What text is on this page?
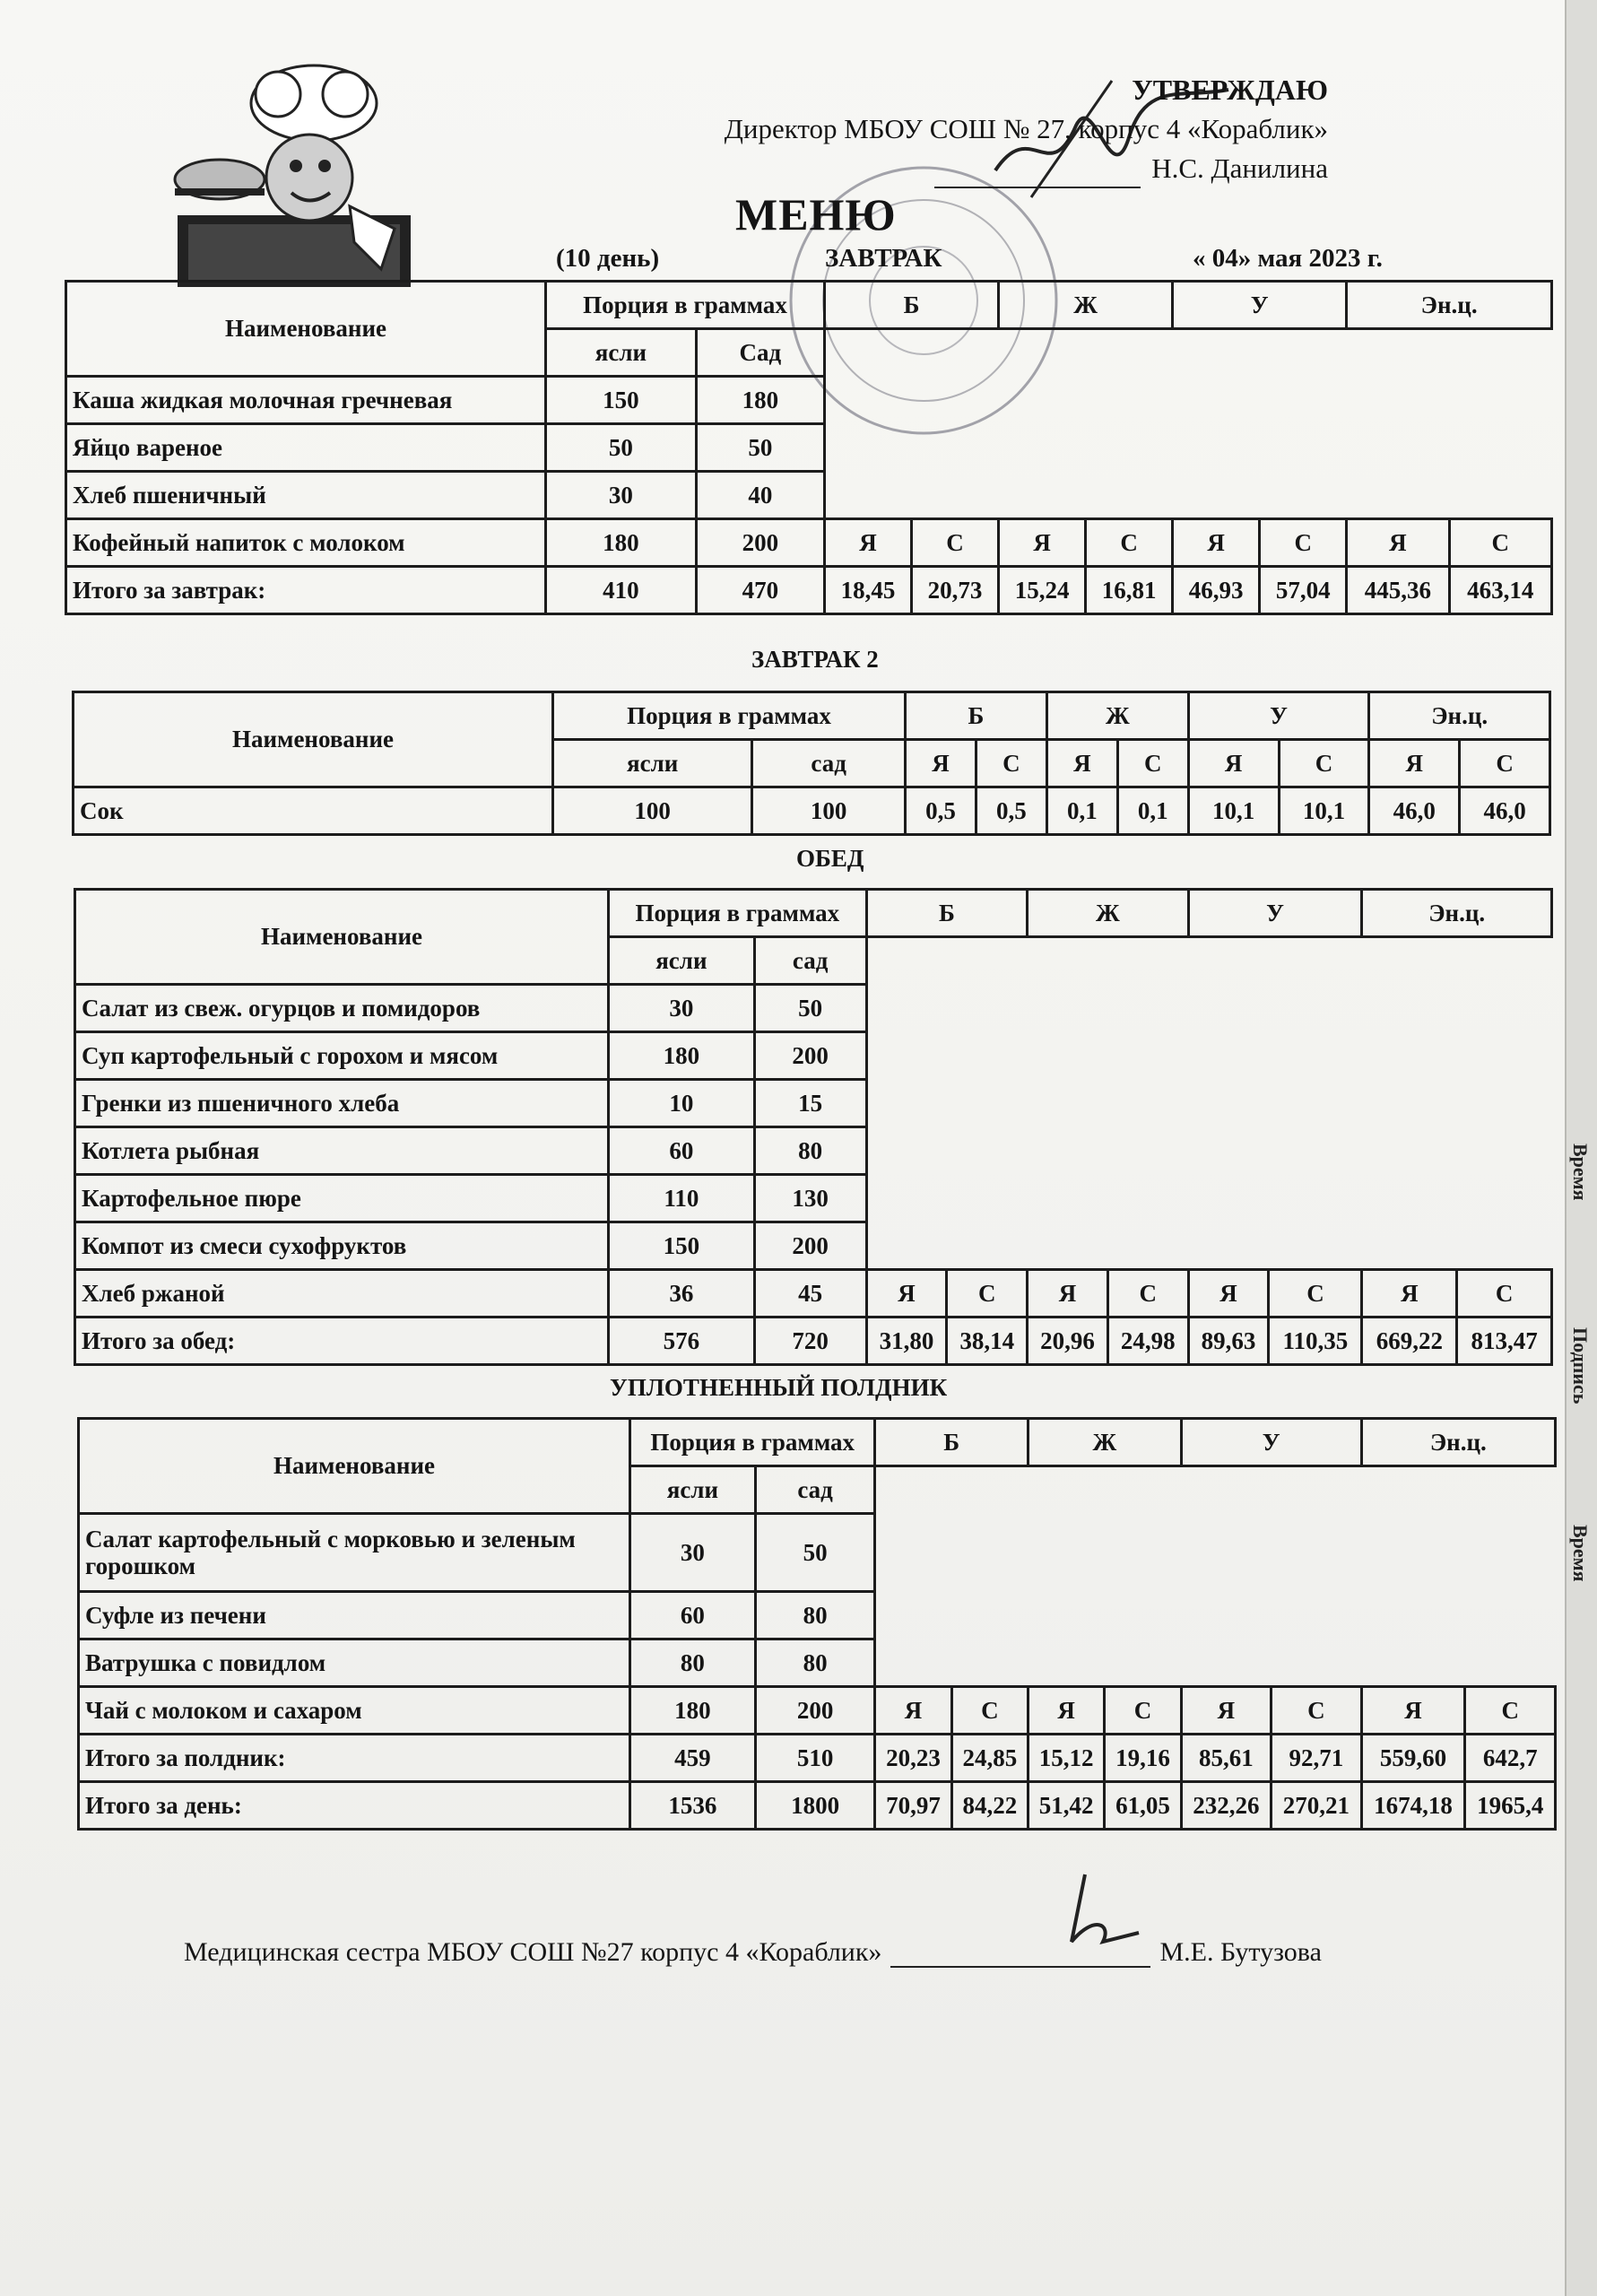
УТВЕРЖДАЮ
Директор МБОУ СОШ № 27, корпус 4 «Кораблик»
Н.С. Данилина
МЕНЮ
(10 день)	ЗАВТРАК	« 04» мая 2023 г.
Наименование	Порция в граммах		Б		Ж		У		Эн.ц.	
	ясли	Сад								
Каша жидкая молочная гречневая	150	180								
Яйцо вареное	50	50								
Хлеб пшеничный	30	40								
Кофейный напиток с молоком	180	200	Я	С	Я	С	Я	С	Я	С
Итого за завтрак:	410	470	18,45	20,73	15,24	16,81	46,93	57,04	445,36	463,14
ЗАВТРАК 2
Наименование	Порция в граммах		Б		Ж		У		Эн.ц.	
	ясли	сад	Я	С	Я	С	Я	С	Я	С
Сок	100	100	0,5	0,5	0,1	0,1	10,1	10,1	46,0	46,0
ОБЕД
Наименование	Порция в граммах		Б		Ж		У		Эн.ц.	
	ясли	сад								
Салат из свеж. огурцов и помидоров	30	50								
Суп картофельный с горохом и мясом	180	200								
Гренки из пшеничного хлеба	10	15								
Котлета рыбная	60	80								
Картофельное пюре	110	130								
Компот из смеси сухофруктов	150	200								
Хлеб ржаной	36	45	Я	С	Я	С	Я	С	Я	С
Итого за обед:	576	720	31,80	38,14	20,96	24,98	89,63	110,35	669,22	813,47
УПЛОТНЕННЫЙ ПОЛДНИК
Наименование	Порция в граммах		Б		Ж		У		Эн.ц.	
	ясли	сад								
Салат картофельный с морковью и зеленым горошком	30	50								
Суфле из печени	60	80								
Ватрушка с повидлом	80	80								
Чай с молоком и сахаром	180	200	Я	С	Я	С	Я	С	Я	С
Итого за полдник:	459	510	20,23	24,85	15,12	19,16	85,61	92,71	559,60	642,7
Итого за день:	1536	1800	70,97	84,22	51,42	61,05	232,26	270,21	1674,18	1965,4
Медицинская сестра МБОУ СОШ №27 корпус 4 «Кораблик»	М.Е. Бутузова
Время
Подпись
Время
